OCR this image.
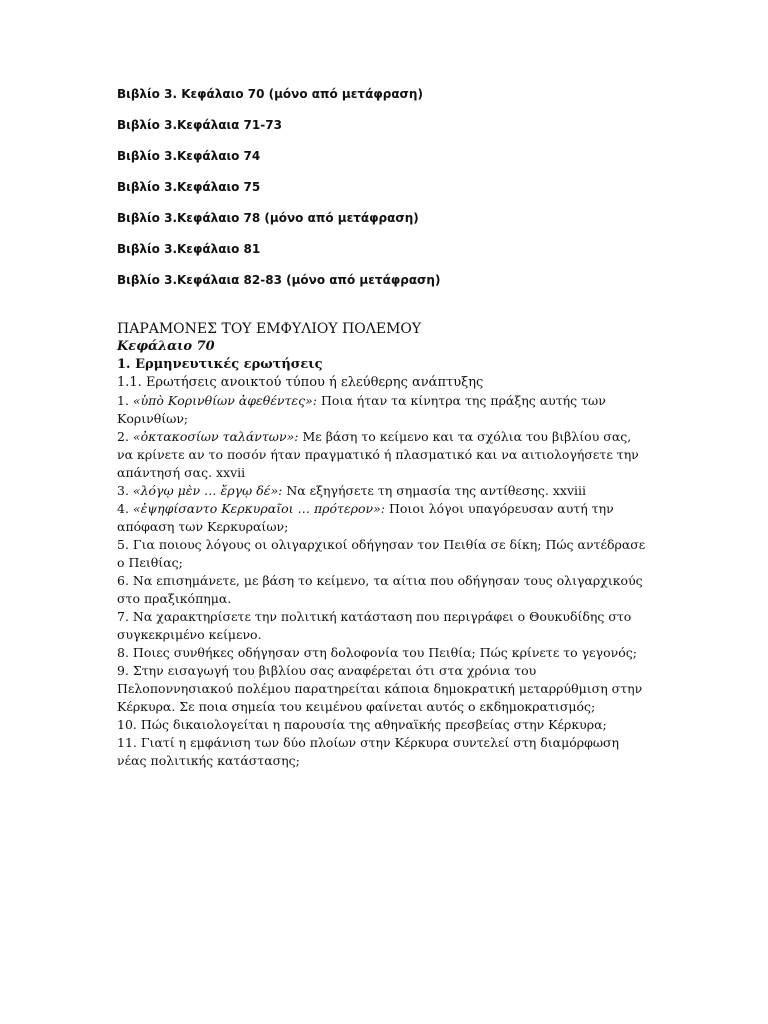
Βιβλίο 3. Κεφάλαιο 70 (μόνο από μετάφραση)
Βιβλίο 3.Κεφάλαια 71-73
Βιβλίο 3.Κεφάλαιο 74
Βιβλίο 3.Κεφάλαιο 75
Βιβλίο 3.Κεφάλαιο 78 (μόνο από μετάφραση)
Βιβλίο 3.Κεφάλαιο 81
Βιβλίο 3.Κεφάλαια 82-83 (μόνο από μετάφραση)
ΠΑΡΑΜΟΝΕΣ ΤΟΥ ΕΜΦΥΛΙΟΥ ΠΟΛΕΜΟΥ
Κεφάλαιο 70
1. Ερμηνευτικές ερωτήσεις
1.1. Ερωτήσεις ανοικτού τύπου ή ελεύθερης ανάπτυξης
1. «ὑπὸ Κορινθίων ἀφεθέντες»: Ποια ήταν τα κίνητρα της πράξης αυτής των Κορινθίων;
2. «ὀκτακοσίων ταλάντων»: Με βάση το κείμενο και τα σχόλια του βιβλίου σας, να κρίνετε αν το ποσόν ήταν πραγματικό ή πλασματικό και να αιτιολογήσετε την απάντησή σας. xxvii
3. «λόγῳ μὲν … ἔργῳ δέ»: Να εξηγήσετε τη σημασία της αντίθεσης. xxviii
4. «ἐψηφίσαντο Κερκυραῖοι … πρότερον»: Ποιοι λόγοι υπαγόρευσαν αυτή την απόφαση των Κερκυραίων;
5. Για ποιους λόγους οι ολιγαρχικοί οδήγησαν τον Πειθία σε δίκη; Πώς αντέδρασε ο Πειθίας;
6. Να επισημάνετε, με βάση το κείμενο, τα αίτια που οδήγησαν τους ολιγαρχικούς στο πραξικόπημα.
7. Να χαρακτηρίσετε την πολιτική κατάσταση που περιγράφει ο Θουκυδίδης στο συγκεκριμένο κείμενο.
8. Ποιες συνθήκες οδήγησαν στη δολοφονία του Πειθία; Πώς κρίνετε το γεγονός;
9. Στην εισαγωγή του βιβλίου σας αναφέρεται ότι στα χρόνια του Πελοποννησιακού πολέμου παρατηρείται κάποια δημοκρατική μεταρρύθμιση στην Κέρκυρα. Σε ποια σημεία του κειμένου φαίνεται αυτός ο εκδημοκρατισμός;
10. Πώς δικαιολογείται η παρουσία της αθηναϊκής πρεσβείας στην Κέρκυρα;
11. Γιατί η εμφάνιση των δύο πλοίων στην Κέρκυρα συντελεί στη διαμόρφωση νέας πολιτικής κατάστασης;
